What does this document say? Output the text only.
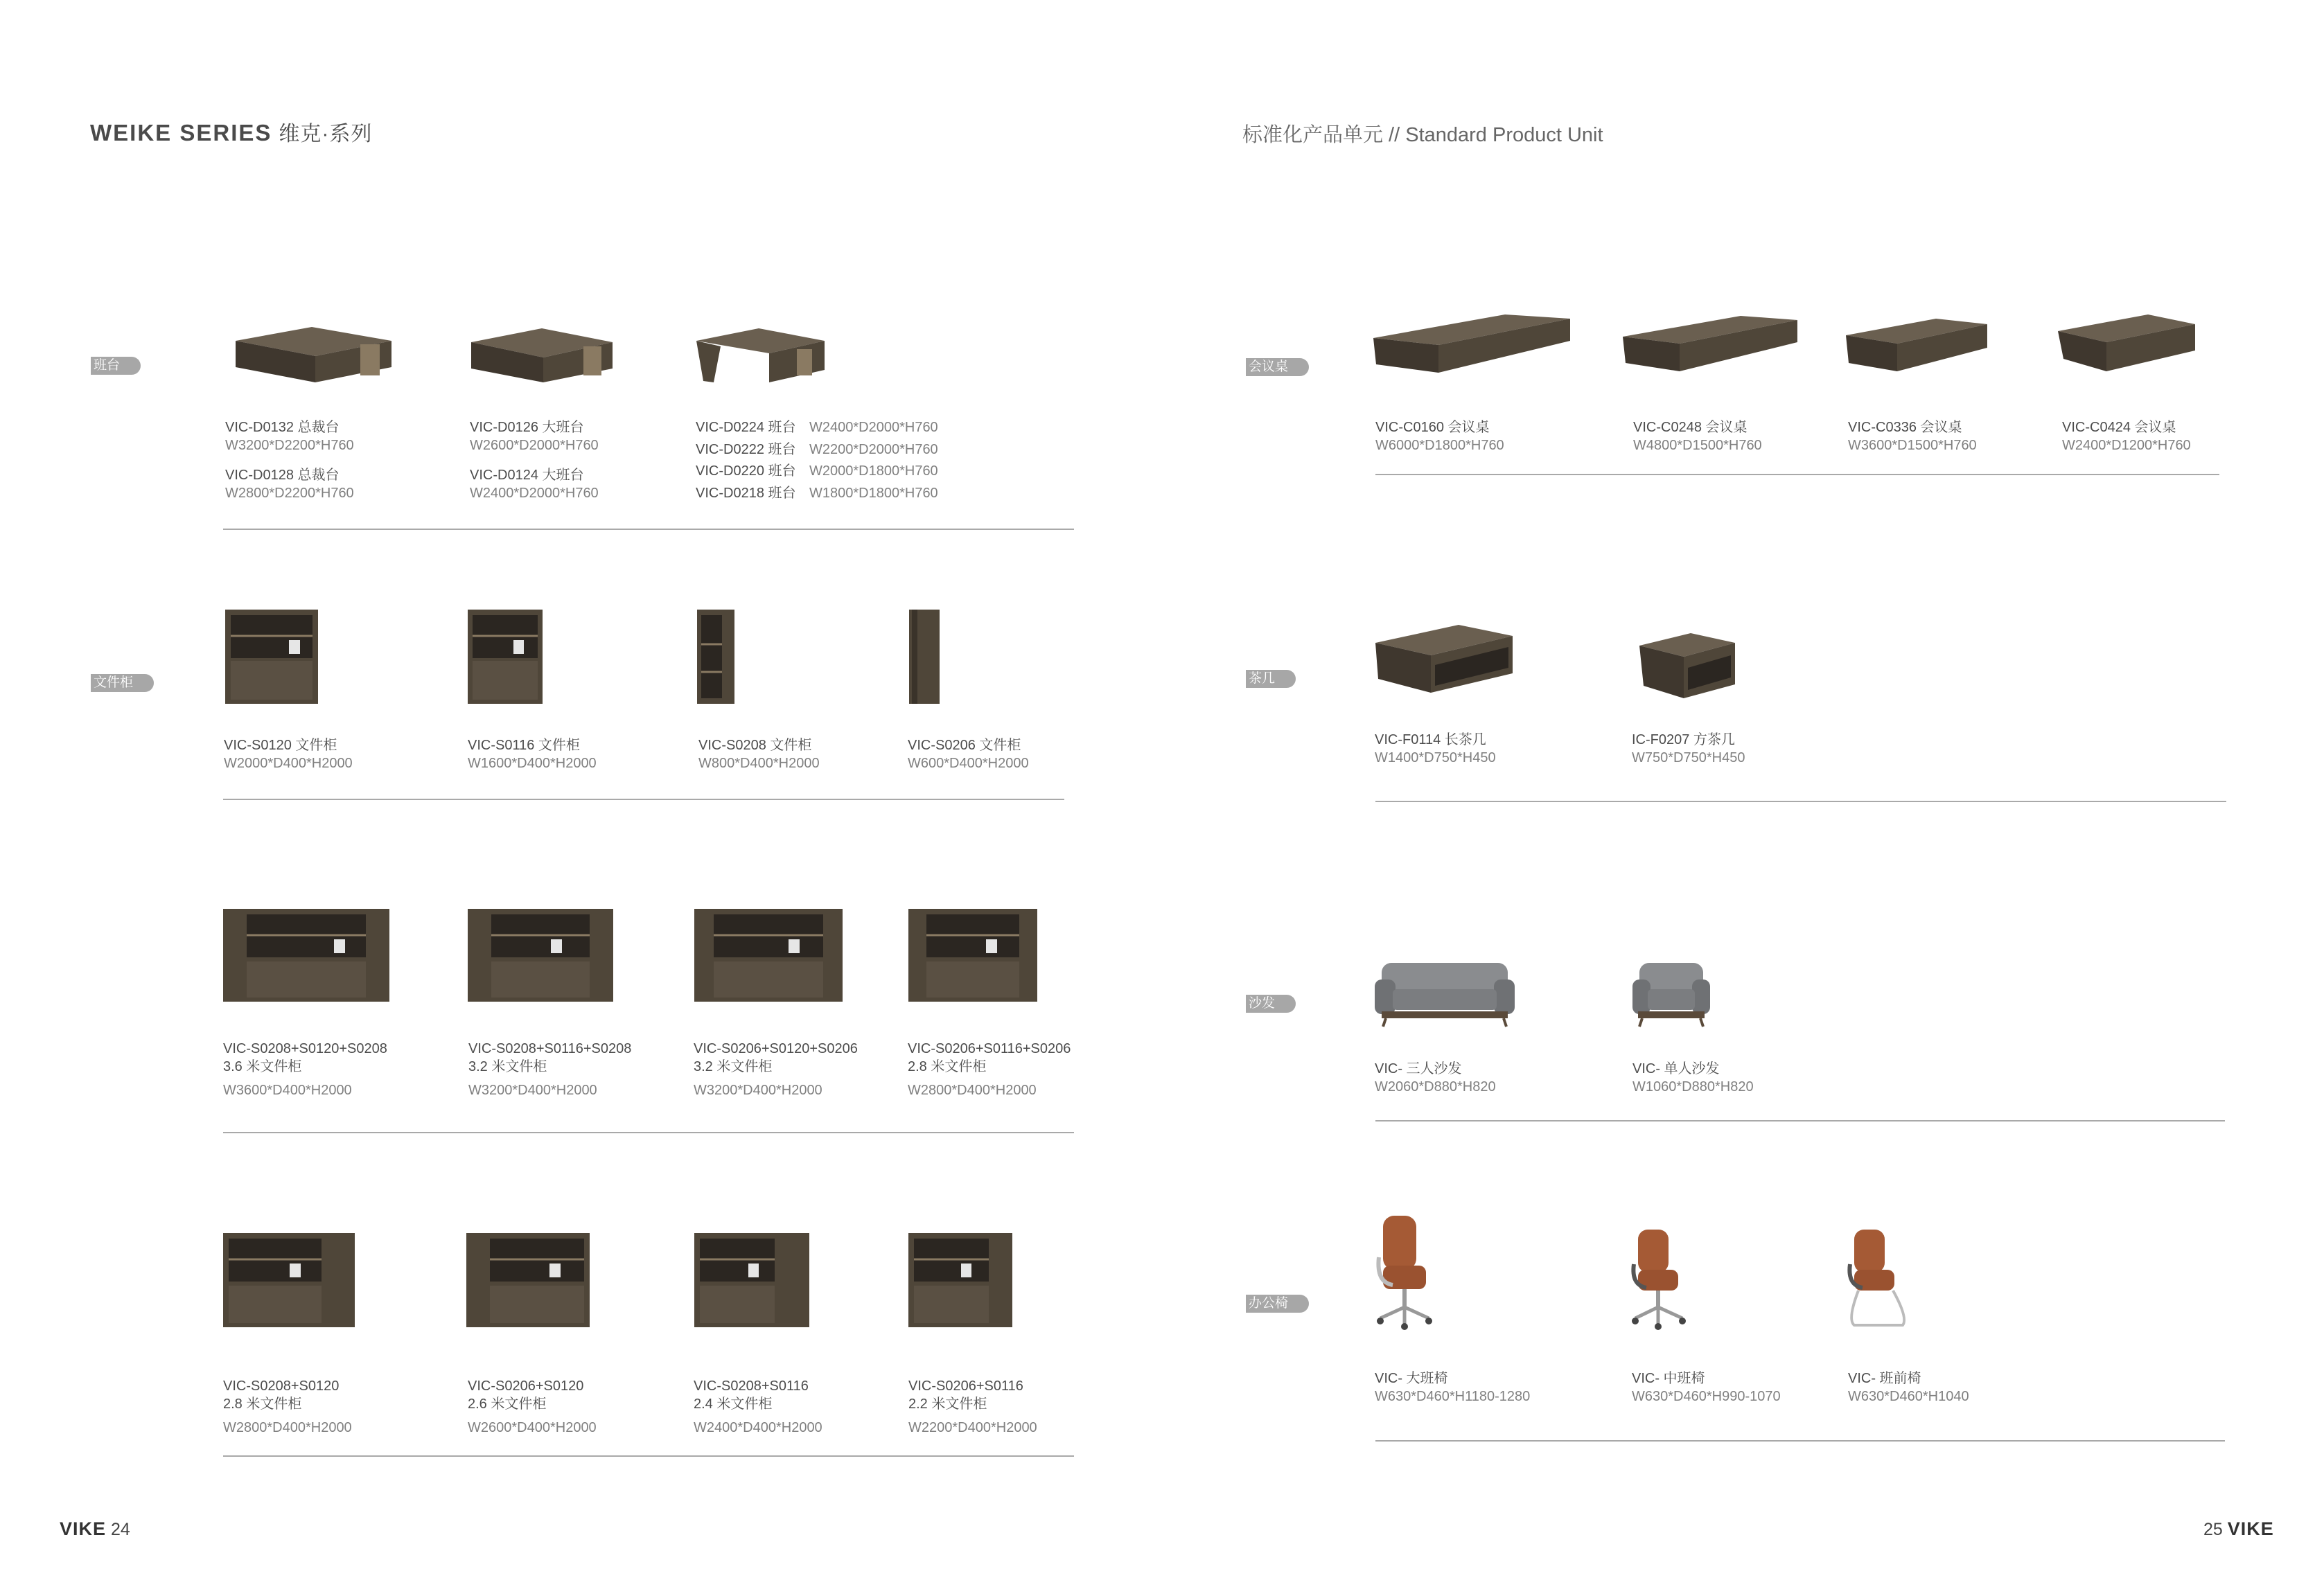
WEIKE SERIES 维克·系列	标准化产品单元 // Standard Product Unit
班台
文件柜
会议桌
茶几
沙发
办公椅
VIC-D0132 总裁台
W3200*D2200*H760
VIC-D0128 总裁台
W2800*D2200*H760
VIC-D0126 大班台
W2600*D2000*H760
VIC-D0124 大班台
W2400*D2000*H760
VIC-D0224 班台 W2400*D2000*H760
VIC-D0222 班台 W2200*D2000*H760
VIC-D0220 班台 W2000*D1800*H760
VIC-D0218 班台 W1800*D1800*H760
VIC-S0120 文件柜
W2000*D400*H2000
VIC-S0116 文件柜
W1600*D400*H2000
VIC-S0208 文件柜
W800*D400*H2000
VIC-S0206 文件柜
W600*D400*H2000
VIC-S0208+S0120+S0208
3.6 米文件柜
W3600*D400*H2000
VIC-S0208+S0116+S0208
3.2 米文件柜
W3200*D400*H2000
VIC-S0206+S0120+S0206
3.2 米文件柜
W3200*D400*H2000
VIC-S0206+S0116+S0206
2.8 米文件柜
W2800*D400*H2000
VIC-S0208+S0120
2.8 米文件柜
W2800*D400*H2000
VIC-S0206+S0120
2.6 米文件柜
W2600*D400*H2000
VIC-S0208+S0116
2.4 米文件柜
W2400*D400*H2000
VIC-S0206+S0116
2.2 米文件柜
W2200*D400*H2000
VIC-C0160 会议桌
W6000*D1800*H760
VIC-C0248 会议桌
W4800*D1500*H760
VIC-C0336 会议桌
W3600*D1500*H760
VIC-C0424 会议桌
W2400*D1200*H760
VIC-F0114 长茶几
W1400*D750*H450
IC-F0207 方茶几
W750*D750*H450
VIC- 三人沙发
W2060*D880*H820
VIC- 单人沙发
W1060*D880*H820
VIC- 大班椅
W630*D460*H1180-1280
VIC- 中班椅
W630*D460*H990-1070
VIC- 班前椅
W630*D460*H1040
VIKE 24	25 VIKE
